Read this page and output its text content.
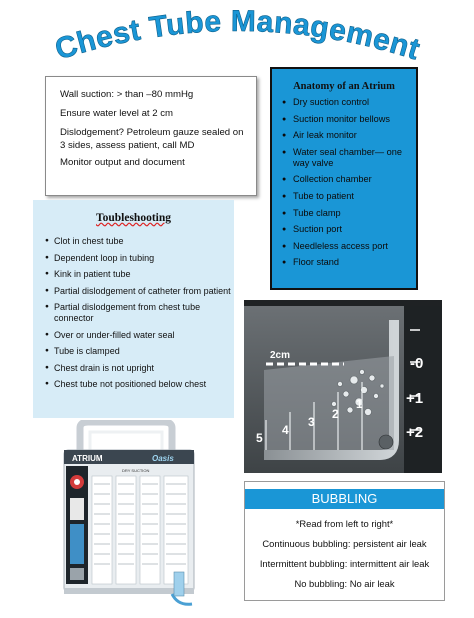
Chest Tube Management

Wall suction: > than –80 mmHg

Ensure water level at 2 cm

Dislodgement? Petroleum gauze sealed on 3 sides, assess patient, call MD

Monitor output and document

Anatomy of an Atrium
● Dry suction control
● Suction monitor bellows
● Air leak monitor
● Water seal chamber— one way valve
● Collection chamber
● Tube to patient
● Tube clamp
● Suction port
● Needleless access port
● Floor stand
Toubleshooting
● Clot in chest tube
● Dependent loop in tubing
● Kink in patient tube
● Partial dislodgement of catheter from patient
● Partial dislodgement from chest tube connector
● Over or under-filled water seal
● Tube is clamped
● Chest drain is not upright
● Chest tube not positioned below chest
ATRIUM	Oasis
DRY SUCTION
2cm
5
4
3
2
1
-0
+1
+2
BUBBLING

*Read from left to right*

Continuous bubbling: persistent air leak

Intermittent bubbling: intermittent air leak

No bubbling: No air leak
